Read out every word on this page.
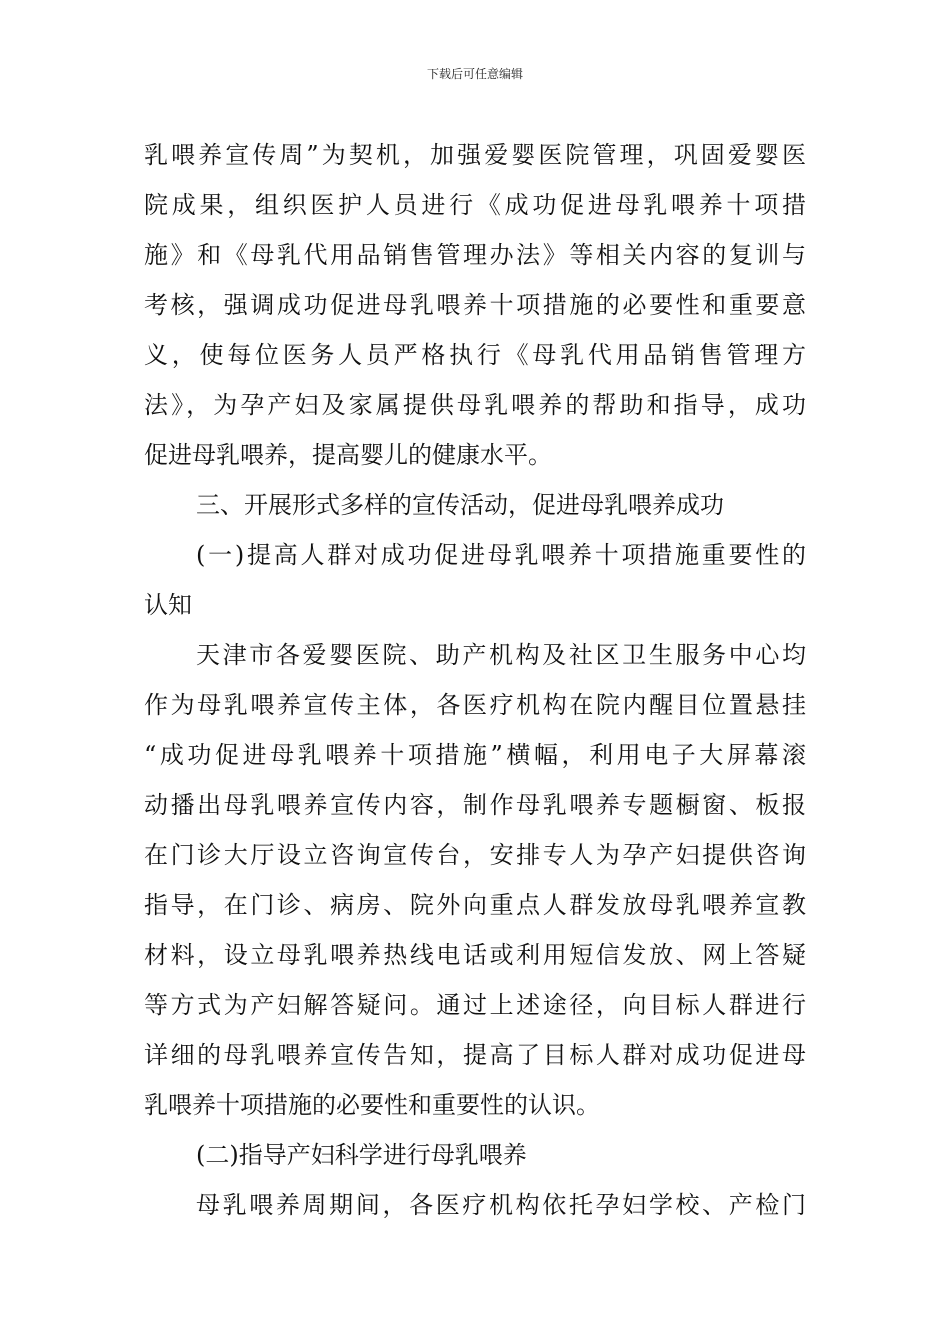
下载后可任意编辑
乳喂养宣传周”为契机，加强爱婴医院管理，巩固爱婴医
院成果，组织医护人员进行《成功促进母乳喂养十项措
施》和《母乳代用品销售管理办法》等相关内容的复训与
考核，强调成功促进母乳喂养十项措施的必要性和重要意
义，使每位医务人员严格执行《母乳代用品销售管理方
法》，为孕产妇及家属提供母乳喂养的帮助和指导，成功
促进母乳喂养，提高婴儿的健康水平。
三、开展形式多样的宣传活动，促进母乳喂养成功
(一)提高人群对成功促进母乳喂养十项措施重要性的
认知
天津市各爱婴医院、助产机构及社区卫生服务中心均
作为母乳喂养宣传主体，各医疗机构在院内醒目位置悬挂
“成功促进母乳喂养十项措施”横幅，利用电子大屏幕滚
动播出母乳喂养宣传内容，制作母乳喂养专题橱窗、板报
在门诊大厅设立咨询宣传台，安排专人为孕产妇提供咨询
指导，在门诊、病房、院外向重点人群发放母乳喂养宣教
材料，设立母乳喂养热线电话或利用短信发放、网上答疑
等方式为产妇解答疑问。通过上述途径，向目标人群进行
详细的母乳喂养宣传告知，提高了目标人群对成功促进母
乳喂养十项措施的必要性和重要性的认识。
(二)指导产妇科学进行母乳喂养
母乳喂养周期间，各医疗机构依托孕妇学校、产检门
